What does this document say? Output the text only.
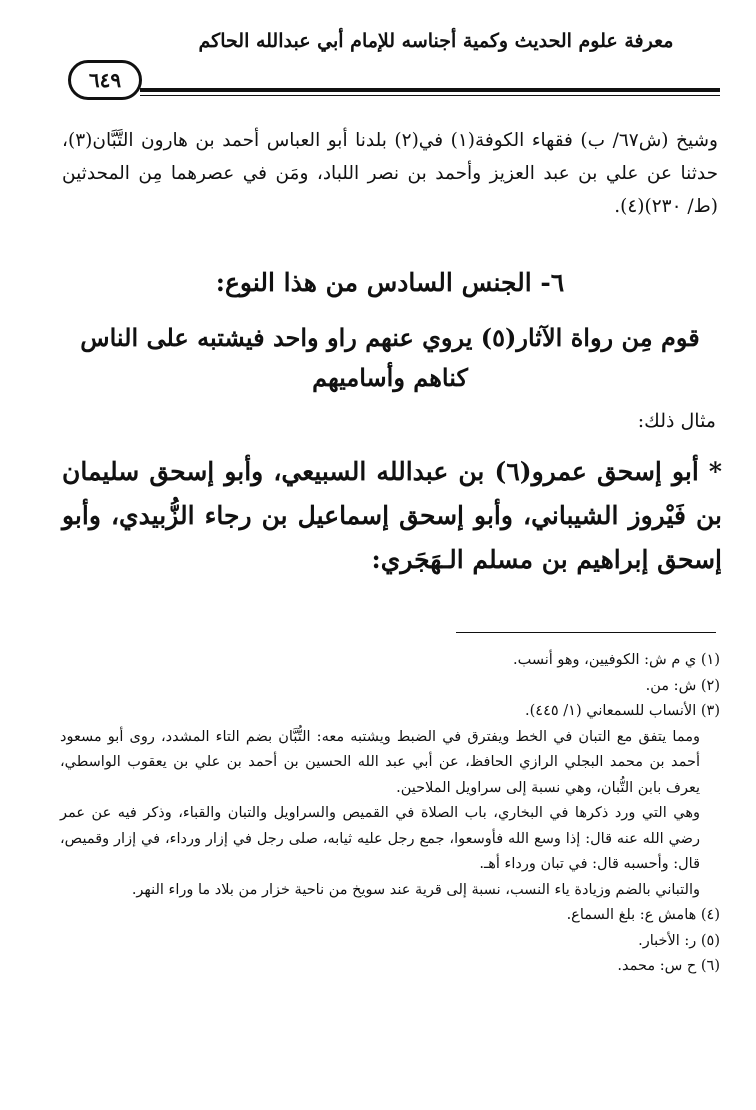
معرفة علوم الحديث وكمية أجناسه للإمام أبي عبدالله الحاكم
٦٤٩

وشيخ (ش٦٧/ ب) فقهاء الكوفة(١) في(٢) بلدنا أبو العباس أحمد بن هارون التَّبَّان(٣)، حدثنا عن علي بن عبد العزيز وأحمد بن نصر اللباد، ومَن في عصرهما مِن المحدثين (ط/ ٢٣٠)(٤).

٦- الجنس السادس من هذا النوع:
قوم مِن رواة الآثار(٥) يروي عنهم راو واحد فيشتبه على الناس كناهم وأساميهم
مثال ذلك:

* أبو إسحق عمرو(٦) بن عبدالله السبيعي، وأبو إسحق سليمان بن فَيْروز الشيباني، وأبو إسحق إسماعيل بن رجاء الزُّبيدي، وأبو إسحق إبراهيم بن مسلم الـهَجَري:

(١) ي م ش: الكوفيين، وهو أنسب.

(٢) ش: من.

(٣) الأنساب للسمعاني (١/ ٤٤٥).

ومما يتفق مع التبان في الخط ويفترق في الضبط ويشتبه معه: التُّبَّان بضم التاء المشدد، روى أبو مسعود أحمد بن محمد البجلي الرازي الحافظ، عن أبي عبد الله الحسين بن أحمد بن علي بن يعقوب الواسطي، يعرف بابن التُّبان، وهي نسبة إلى سراويل الملاحين.

وهي التي ورد ذكرها في البخاري، باب الصلاة في القميص والسراويل والتبان والقباء، وذكر فيه عن عمر رضي الله عنه قال: إذا وسع الله فأوسعوا، جمع رجل عليه ثيابه، صلى رجل في إزار ورداء، في إزار وقميص، قال: وأحسبه قال: في تبان ورداء أهـ.

والتباني بالضم وزيادة ياء النسب، نسبة إلى قرية عند سويخ من ناحية خزار من بلاد ما وراء النهر.

(٤) هامش ع: بلغ السماع.

(٥) ر: الأخبار.

(٦) ح س: محمد.
